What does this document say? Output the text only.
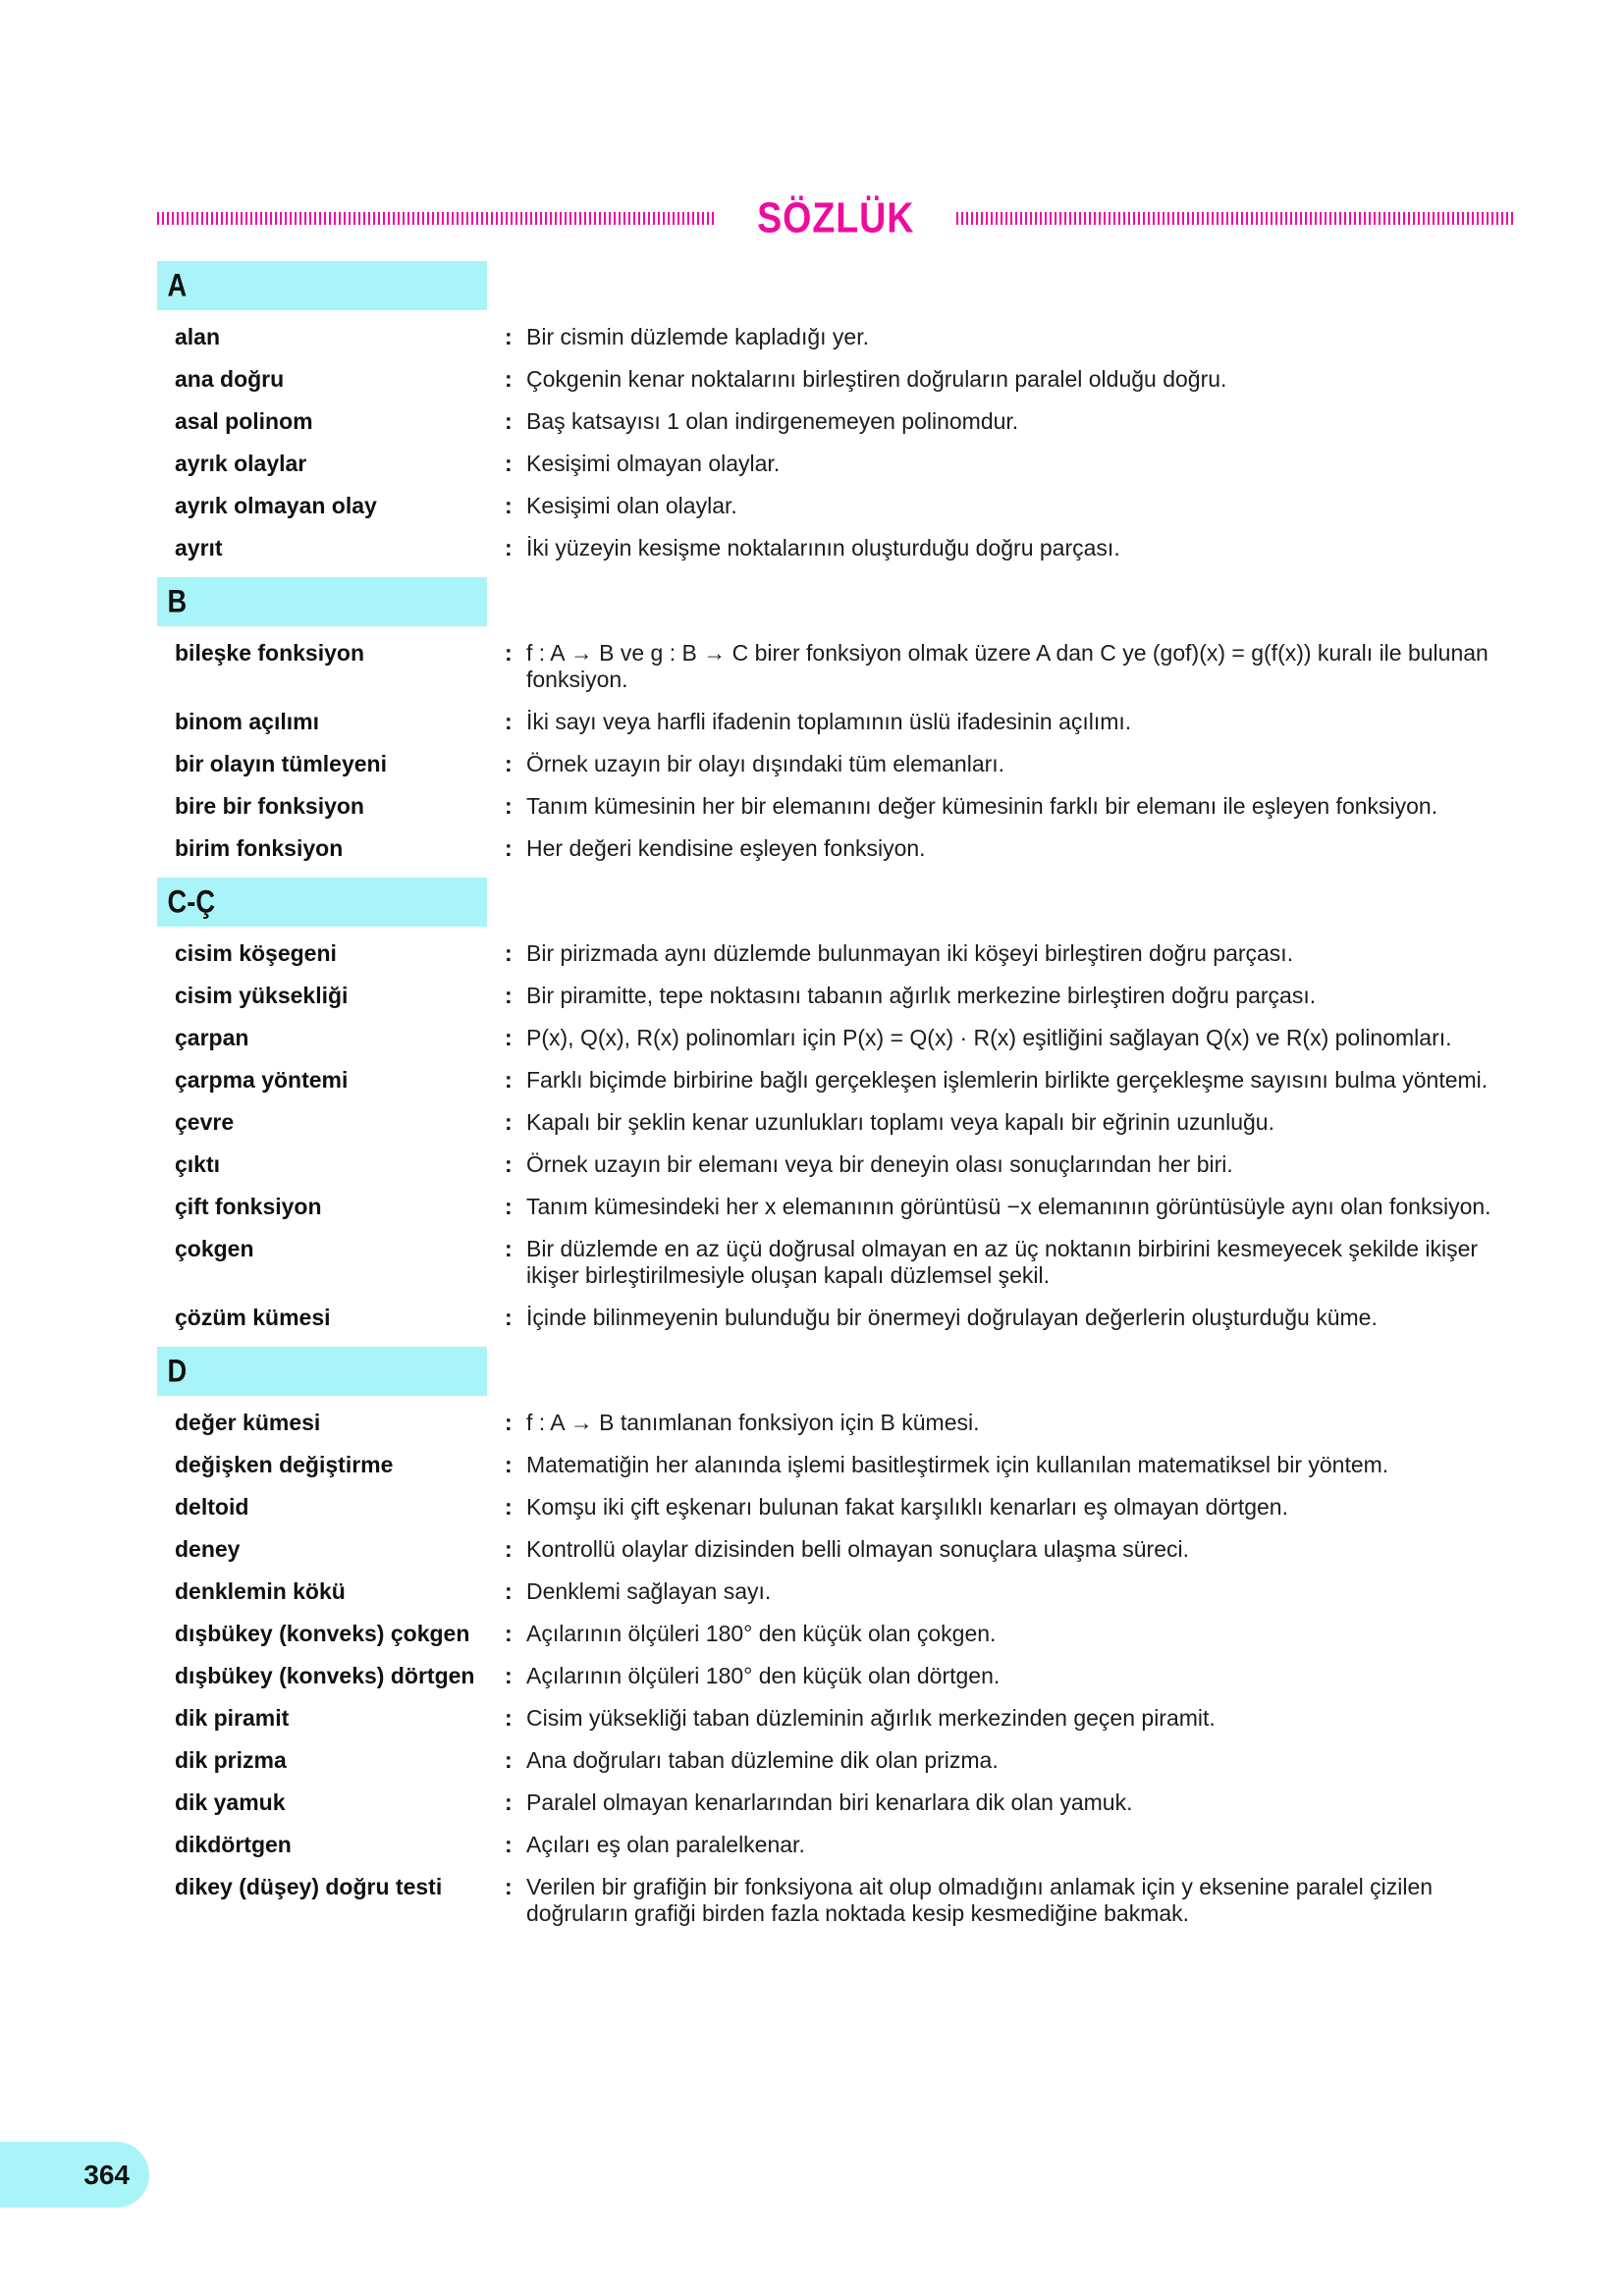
SÖZLÜK
A
alan	: Bir cismin düzlemde kapladığı yer.
ana doğru	: Çokgenin kenar noktalarını birleştiren doğruların paralel olduğu doğru.
asal polinom	: Baş katsayısı 1 olan indirgenemeyen polinomdur.
ayrık olaylar	: Kesişimi olmayan olaylar.
ayrık olmayan olay	: Kesişimi olan olaylar.
ayrıt	: İki yüzeyin kesişme noktalarının oluşturduğu doğru parçası.
B
bileşke fonksiyon	: f : A → B ve g : B → C birer fonksiyon olmak üzere A dan C ye (gof)(x) = g(f(x)) kuralı ile bulunan fonksiyon.
binom açılımı	: İki sayı veya harfli ifadenin toplamının üslü ifadesinin açılımı.
bir olayın tümleyeni	: Örnek uzayın bir olayı dışındaki tüm elemanları.
bire bir fonksiyon	: Tanım kümesinin her bir elemanını değer kümesinin farklı bir elemanı ile eşleyen fonksiyon.
birim fonksiyon	: Her değeri kendisine eşleyen fonksiyon.
C-Ç
cisim köşegeni	: Bir pirizmada aynı düzlemde bulunmayan iki köşeyi birleştiren doğru parçası.
cisim yüksekliği	: Bir piramitte, tepe noktasını tabanın ağırlık merkezine birleştiren doğru parçası.
çarpan	: P(x), Q(x), R(x) polinomları için P(x) = Q(x) · R(x) eşitliğini sağlayan Q(x) ve R(x) polinomları.
çarpma yöntemi	: Farklı biçimde birbirine bağlı gerçekleşen işlemlerin birlikte gerçekleşme sayısını bulma yöntemi.
çevre	: Kapalı bir şeklin kenar uzunlukları toplamı veya kapalı bir eğrinin uzunluğu.
çıktı	: Örnek uzayın bir elemanı veya bir deneyin olası sonuçlarından her biri.
çift fonksiyon	: Tanım kümesindeki her x elemanının görüntüsü −x elemanının görüntüsüyle aynı olan fonksiyon.
çokgen	: Bir düzlemde en az üçü doğrusal olmayan en az üç noktanın birbirini kesmeyecek şekilde ikişer ikişer birleştirilmesiyle oluşan kapalı düzlemsel şekil.
çözüm kümesi	: İçinde bilinmeyenin bulunduğu bir önermeyi doğrulayan değerlerin oluşturduğu küme.
D
değer kümesi	: f : A → B tanımlanan fonksiyon için B kümesi.
değişken değiştirme	: Matematiğin her alanında işlemi basitleştirmek için kullanılan matematiksel bir yöntem.
deltoid	: Komşu iki çift eşkenarı bulunan fakat karşılıklı kenarları eş olmayan dörtgen.
deney	: Kontrollü olaylar dizisinden belli olmayan sonuçlara ulaşma süreci.
denklemin kökü	: Denklemi sağlayan sayı.
dışbükey (konveks) çokgen	: Açılarının ölçüleri 180° den küçük olan çokgen.
dışbükey (konveks) dörtgen	: Açılarının ölçüleri 180° den küçük olan dörtgen.
dik piramit	: Cisim yüksekliği taban düzleminin ağırlık merkezinden geçen piramit.
dik prizma	: Ana doğruları taban düzlemine dik olan prizma.
dik yamuk	: Paralel olmayan kenarlarından biri kenarlara dik olan yamuk.
dikdörtgen	: Açıları eş olan paralelkenar.
dikey (düşey) doğru testi	: Verilen bir grafiğin bir fonksiyona ait olup olmadığını anlamak için y eksenine paralel çizilen doğruların grafiği birden fazla noktada kesip kesmediğine bakmak.
364
